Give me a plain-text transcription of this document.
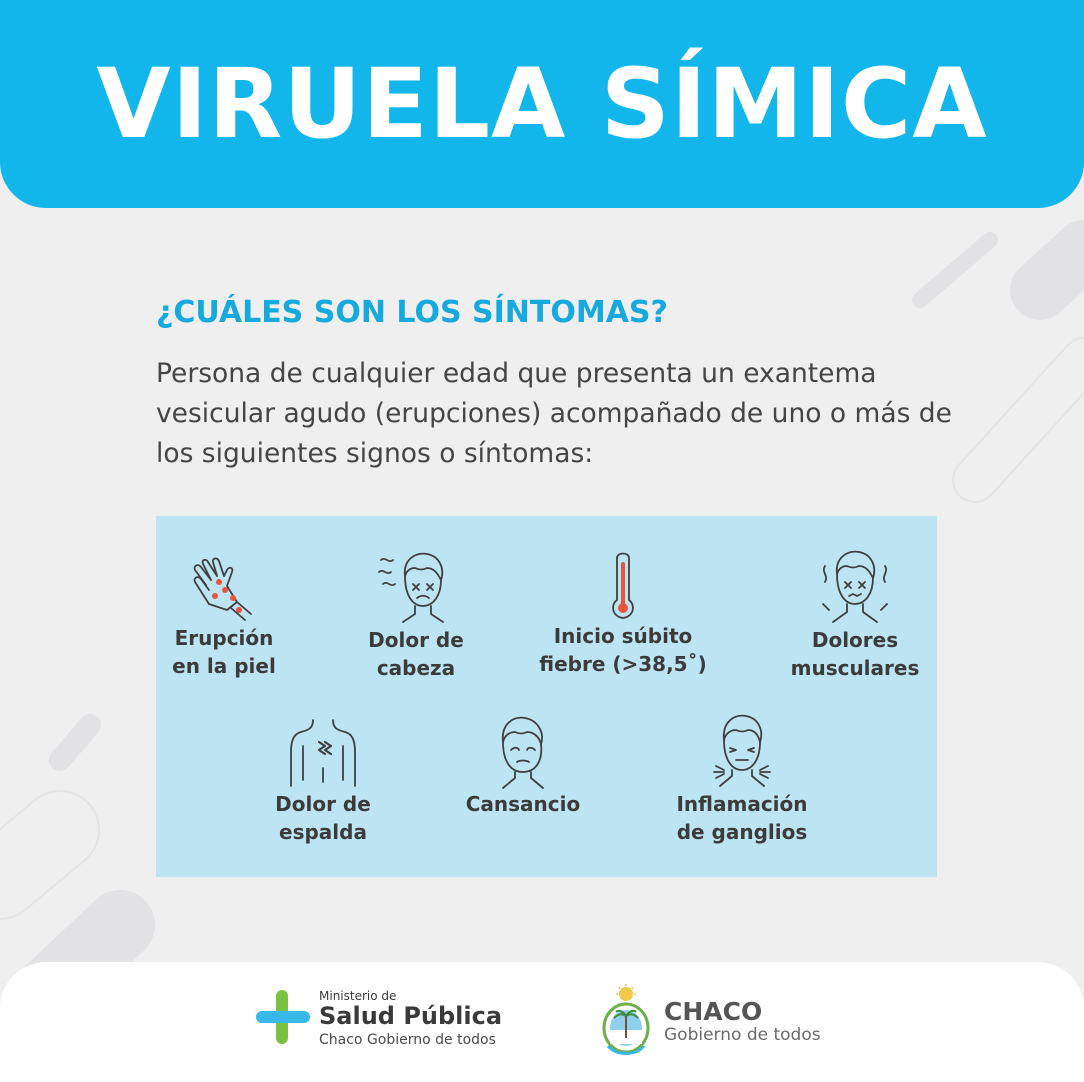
VIRUELA SÍMICA
¿CUÁLES SON LOS SÍNTOMAS?
Persona de cualquier edad que presenta un exantema vesicular agudo (erupciones) acompañado de uno o más de los siguientes signos o síntomas:
Erupción
en la piel
Dolor de
cabeza
Inicio súbito
fiebre (>38,5˚)
Dolores
musculares
Dolor de
espalda
Cansancio	Inflamación
de ganglios
Ministerio de
Salud Pública
Chaco Gobierno de todos
CHACO
Gobierno de todos
